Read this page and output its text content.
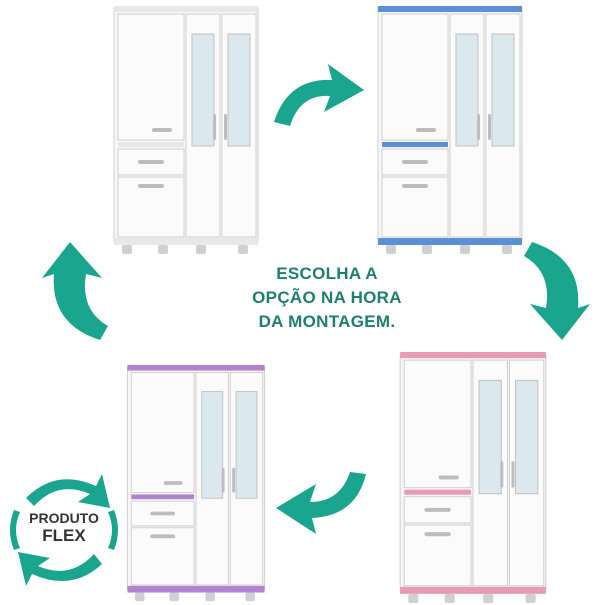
ESCOLHA A
OPÇÃO NA HORA
DA MONTAGEM.
PRODUTO
FLEX
